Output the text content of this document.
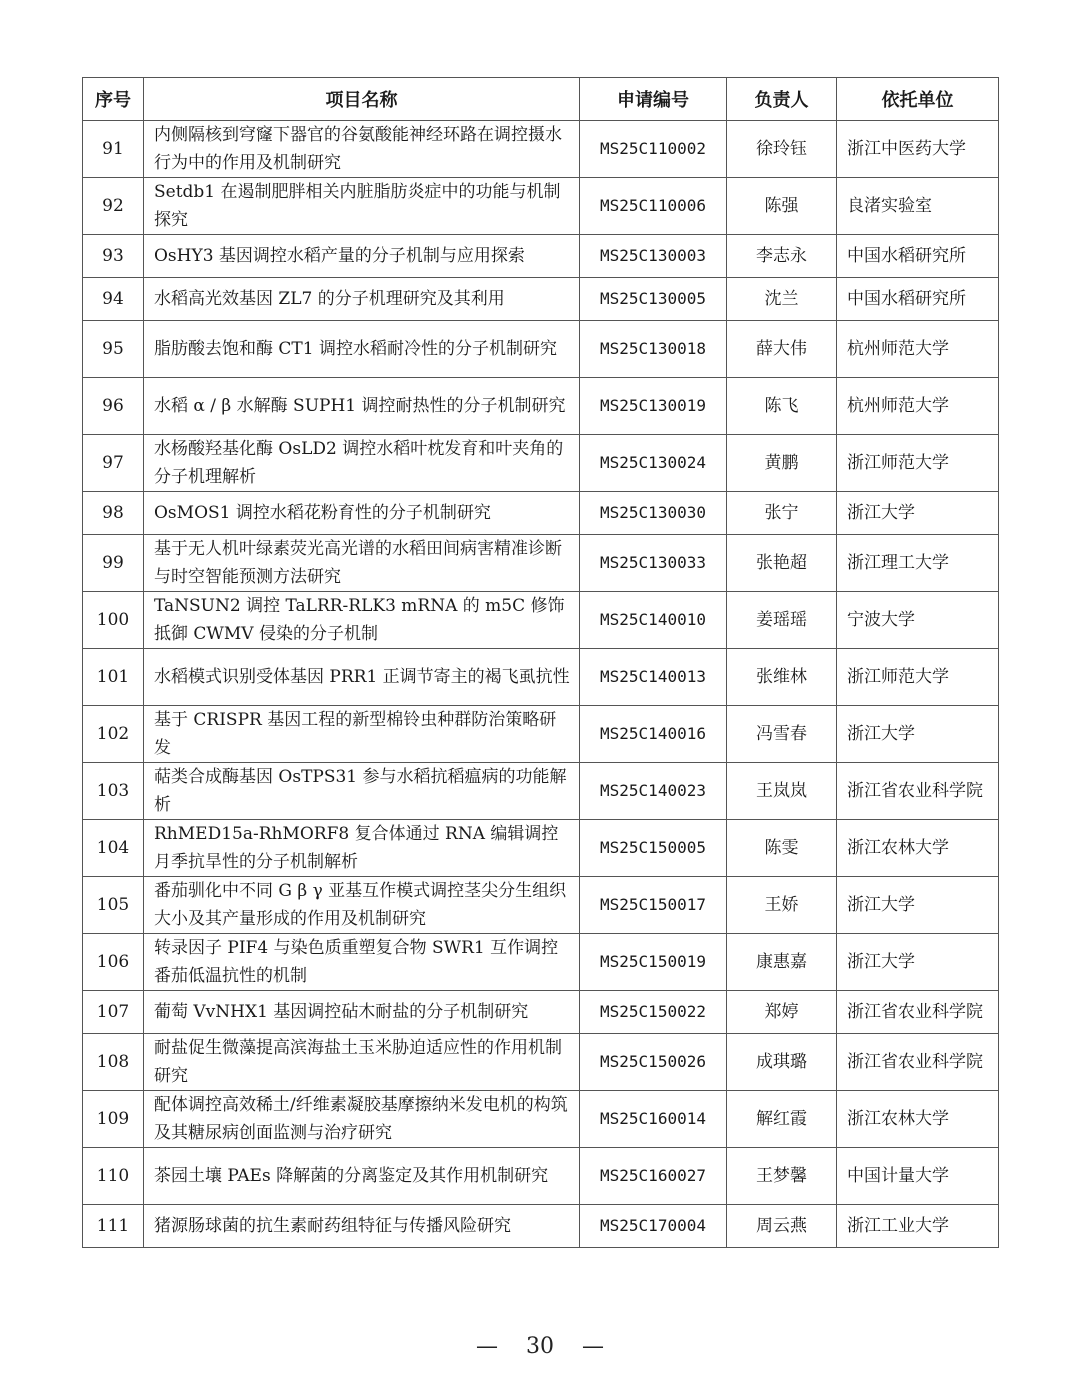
序号	项目名称	申请编号	负责人	依托单位
91	内侧隔核到穹窿下器官的谷氨酸能神经环路在调控摄水行为中的作用及机制研究	MS25C110002	徐玲钰	浙江中医药大学
92	Setdb1 在遏制肥胖相关内脏脂肪炎症中的功能与机制探究	MS25C110006	陈强	良渚实验室
93	OsHY3 基因调控水稻产量的分子机制与应用探索	MS25C130003	李志永	中国水稻研究所
94	水稻高光效基因 ZL7 的分子机理研究及其利用	MS25C130005	沈兰	中国水稻研究所
95	脂肪酸去饱和酶 CT1 调控水稻耐冷性的分子机制研究	MS25C130018	薛大伟	杭州师范大学
96	水稻 α / β 水解酶 SUPH1 调控耐热性的分子机制研究	MS25C130019	陈飞	杭州师范大学
97	水杨酸羟基化酶 OsLD2 调控水稻叶枕发育和叶夹角的分子机理解析	MS25C130024	黄鹏	浙江师范大学
98	OsMOS1 调控水稻花粉育性的分子机制研究	MS25C130030	张宁	浙江大学
99	基于无人机叶绿素荧光高光谱的水稻田间病害精准诊断与时空智能预测方法研究	MS25C130033	张艳超	浙江理工大学
100	TaNSUN2 调控 TaLRR-RLK3 mRNA 的 m5C 修饰抵御 CWMV 侵染的分子机制	MS25C140010	姜瑶瑶	宁波大学
101	水稻模式识别受体基因 PRR1 正调节寄主的褐飞虱抗性	MS25C140013	张维林	浙江师范大学
102	基于 CRISPR 基因工程的新型棉铃虫种群防治策略研发	MS25C140016	冯雪春	浙江大学
103	萜类合成酶基因 OsTPS31 参与水稻抗稻瘟病的功能解析	MS25C140023	王岚岚	浙江省农业科学院
104	RhMED15a-RhMORF8 复合体通过 RNA 编辑调控月季抗旱性的分子机制解析	MS25C150005	陈雯	浙江农林大学
105	番茄驯化中不同 G β γ 亚基互作模式调控茎尖分生组织大小及其产量形成的作用及机制研究	MS25C150017	王娇	浙江大学
106	转录因子 PIF4 与染色质重塑复合物 SWR1 互作调控番茄低温抗性的机制	MS25C150019	康惠嘉	浙江大学
107	葡萄 VvNHX1 基因调控砧木耐盐的分子机制研究	MS25C150022	郑婷	浙江省农业科学院
108	耐盐促生微藻提高滨海盐土玉米胁迫适应性的作用机制研究	MS25C150026	成琪璐	浙江省农业科学院
109	配体调控高效稀土/纤维素凝胶基摩擦纳米发电机的构筑及其糖尿病创面监测与治疗研究	MS25C160014	解红霞	浙江农林大学
110	茶园土壤 PAEs 降解菌的分离鉴定及其作用机制研究	MS25C160027	王梦馨	中国计量大学
111	猪源肠球菌的抗生素耐药组特征与传播风险研究	MS25C170004	周云燕	浙江工业大学
— 30 —
